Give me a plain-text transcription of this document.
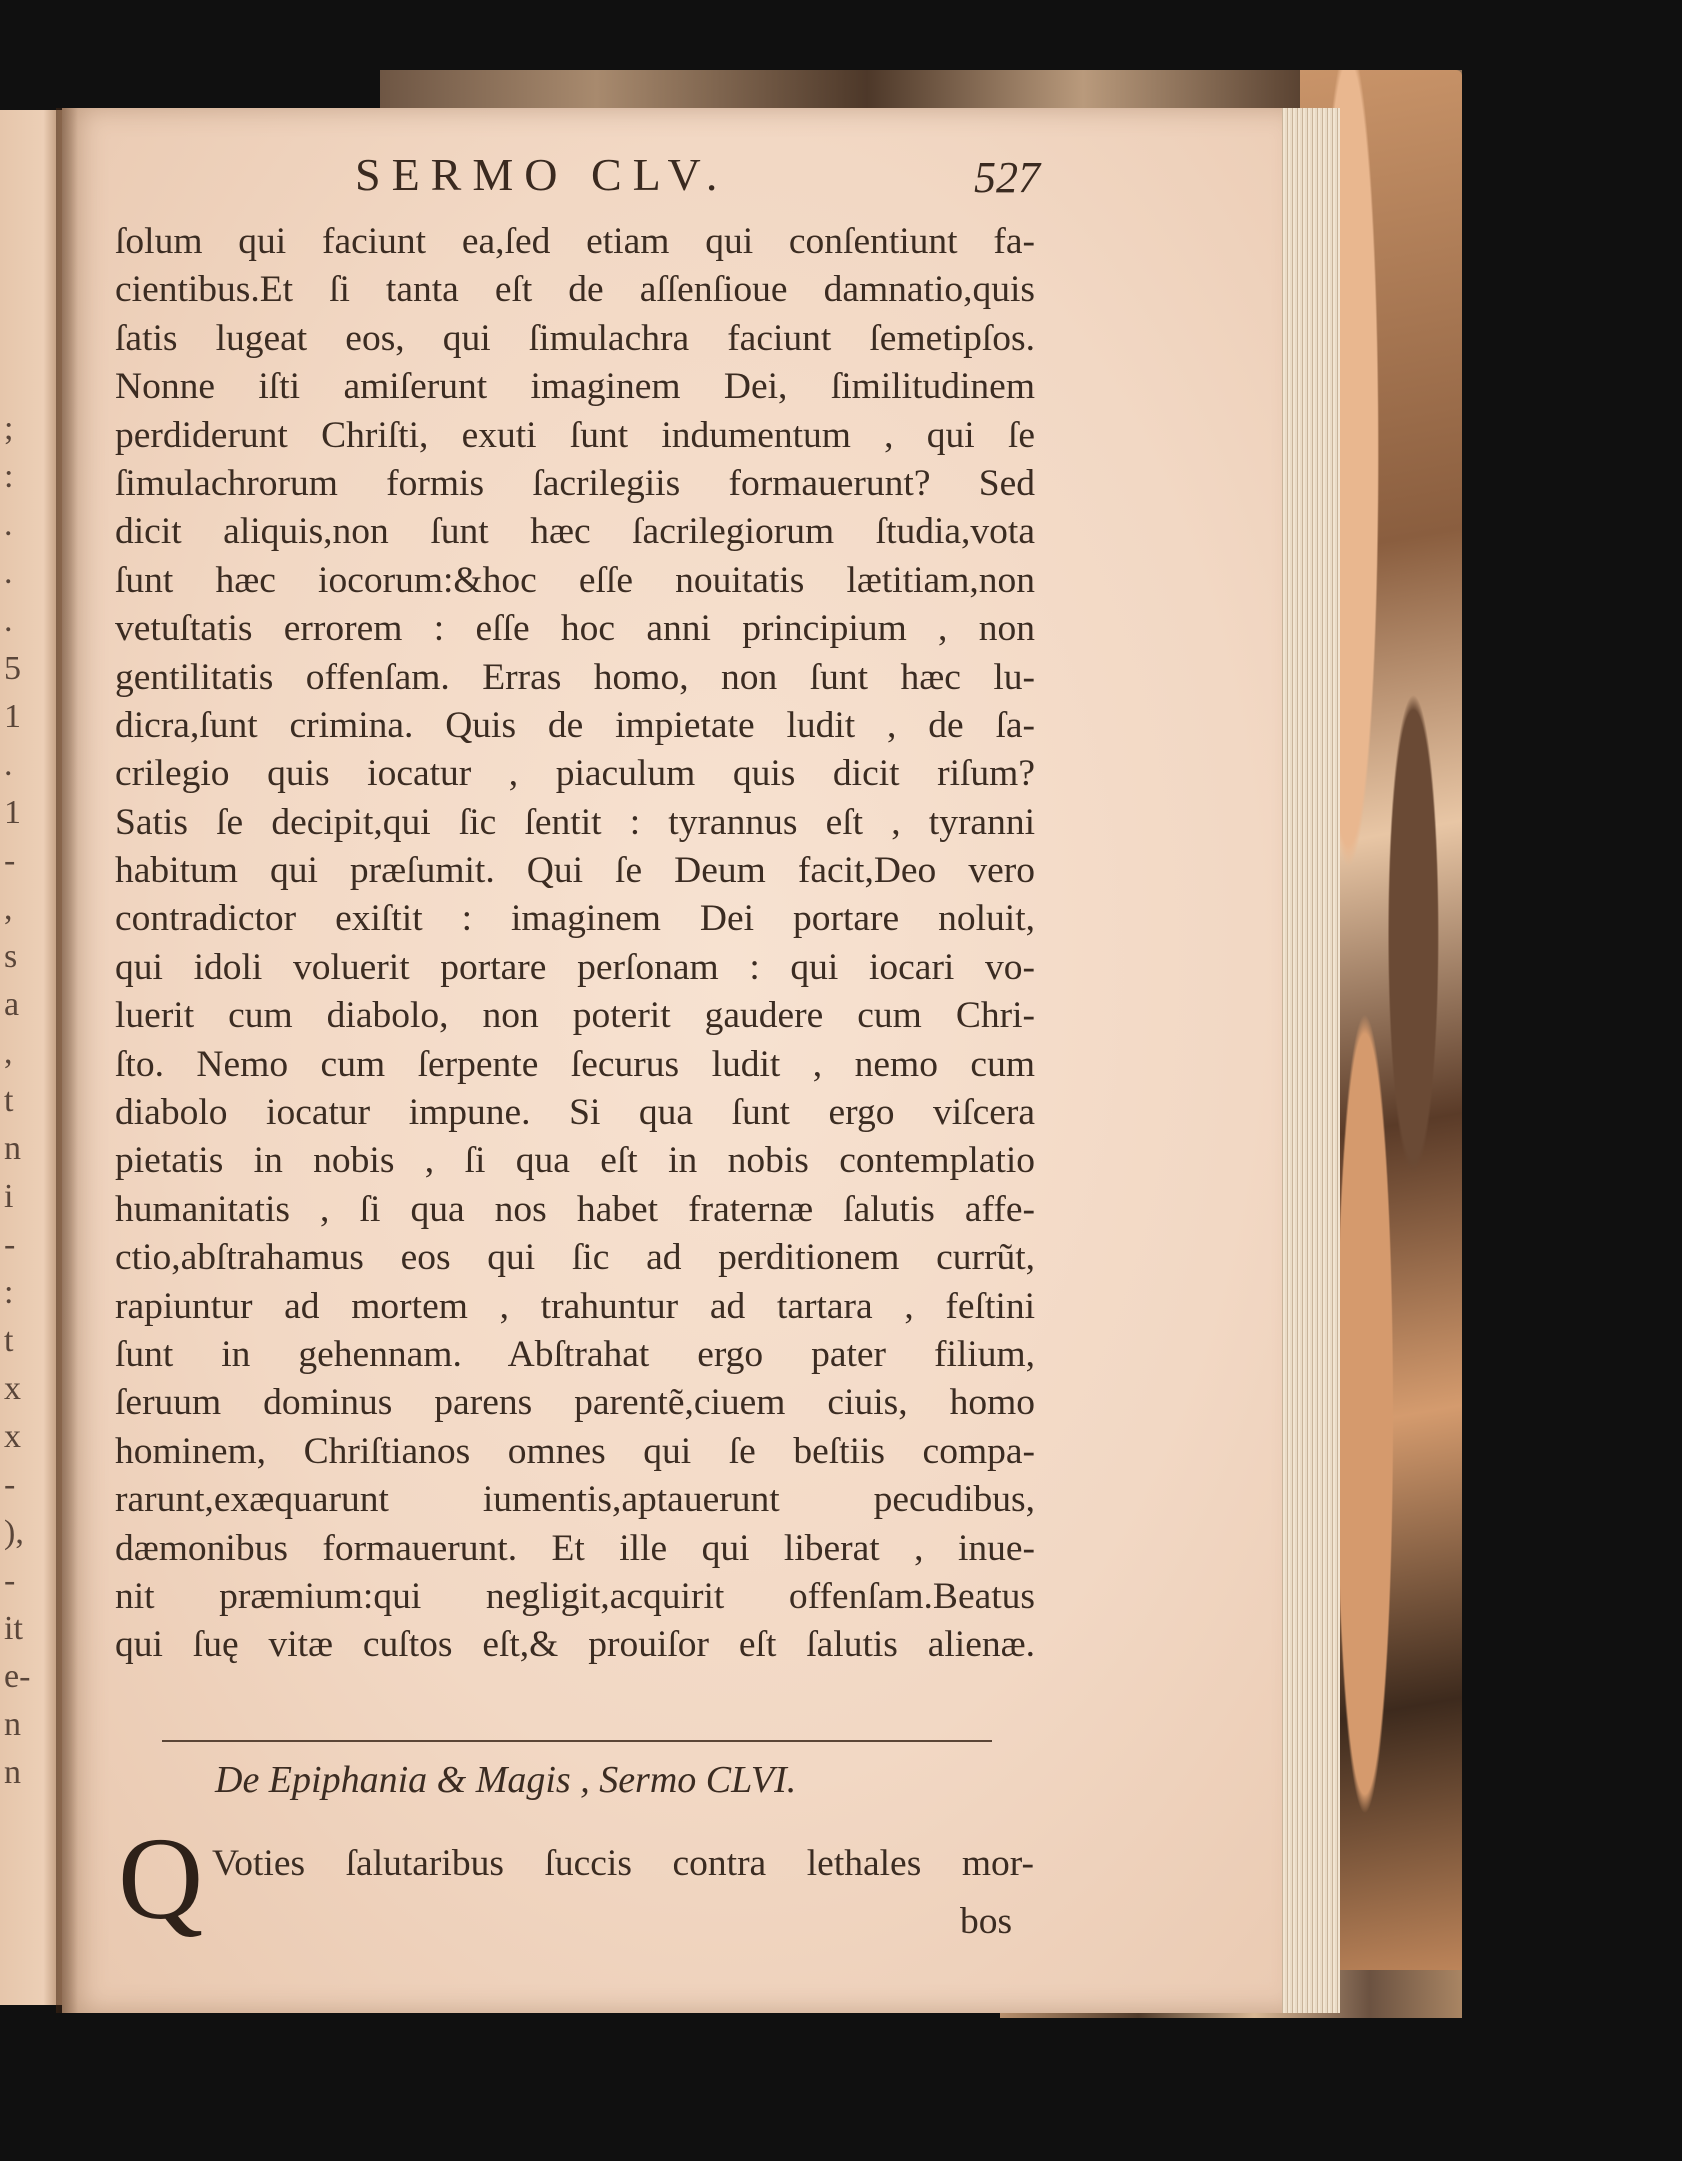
;
:
.
.
.
5
1
.
1
-
,
s
a
,
t
n
i
-
:
t
x
x
-
),
-
it
e-
n
n
SERMO CLV.	527
ſolum qui faciunt ea,ſed etiam qui conſentiunt fa-
cientibus.Et ſi tanta eſt de aſſenſioue damnatio,quis
ſatis lugeat eos, qui ſimulachra faciunt ſemetipſos.
Nonne iſti amiſerunt imaginem Dei, ſimilitudinem
perdiderunt Chriſti, exuti ſunt indumentum , qui ſe
ſimulachrorum formis ſacrilegiis formauerunt? Sed
dicit aliquis,non ſunt hæc ſacrilegiorum ſtudia,vota
ſunt hæc iocorum:&hoc eſſe nouitatis lætitiam,non
vetuſtatis errorem : eſſe hoc anni principium , non
gentilitatis offenſam. Erras homo, non ſunt hæc lu-
dicra,ſunt crimina. Quis de impietate ludit , de ſa-
crilegio quis iocatur , piaculum quis dicit riſum?
Satis ſe decipit,qui ſic ſentit : tyrannus eſt , tyranni
habitum qui præſumit. Qui ſe Deum facit,Deo vero
contradictor exiſtit : imaginem Dei portare noluit,
qui idoli voluerit portare perſonam : qui iocari vo-
luerit cum diabolo, non poterit gaudere cum Chri-
ſto. Nemo cum ſerpente ſecurus ludit , nemo cum
diabolo iocatur impune. Si qua ſunt ergo viſcera
pietatis in nobis , ſi qua eſt in nobis contemplatio
humanitatis , ſi qua nos habet fraternæ ſalutis affe-
ctio,abſtrahamus eos qui ſic ad perditionem currũt,
rapiuntur ad mortem , trahuntur ad tartara , feſtini
ſunt in gehennam. Abſtrahat ergo pater filium,
ſeruum dominus parens parentẽ,ciuem ciuis, homo
hominem, Chriſtianos omnes qui ſe beſtiis compa-
rarunt,exæquarunt iumentis,aptauerunt pecudibus,
dæmonibus formauerunt. Et ille qui liberat , inue-
nit præmium:qui negligit,acquirit offenſam.Beatus
qui ſuę vitæ cuſtos eſt,& prouiſor eſt ſalutis alienæ.
De Epiphania & Magis , Sermo CLVI.
Q Voties ſalutaribus ſuccis contra lethales mor-
bos
